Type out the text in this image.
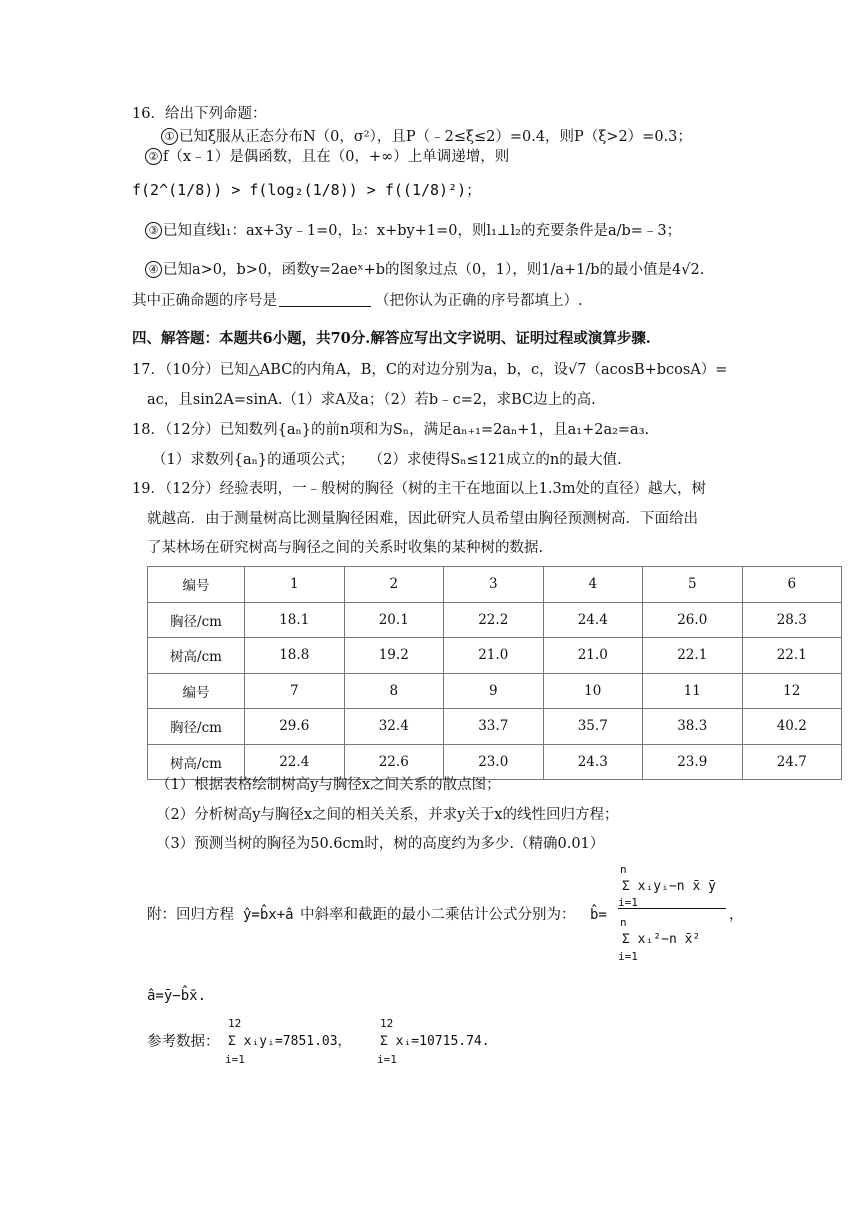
16．给出下列命题：
① 已知ξ服从正态分布N（0，σ²），且P（﹣2≤ξ≤2）=0.4，则P（ξ>2）=0.3；
② f（x﹣1）是偶函数，且在（0，+∞）上单调递增，则
f(2^(1/8)) > f(log₂(1/8)) > f((1/8)²)；
③ 已知直线l₁：ax+3y﹣1=0，l₂：x+by+1=0，则l₁⊥l₂的充要条件是a/b=﹣3；
④ 已知a>0，b>0，函数y=2aeˣ+b的图象过点（0，1），则1/a+1/b的最小值是4√2.
其中正确命题的序号是	（把你认为正确的序号都填上）.
四、解答题：本题共6小题，共70分.解答应写出文字说明、证明过程或演算步骤.
17．（10分）已知△ABC的内角A，B，C的对边分别为a，b，c，设√7（acosB+bcosA）=
ac，且sin2A=sinA.（1）求A及a；（2）若b﹣c=2，求BC边上的高.
18．（12分）已知数列{aₙ}的前n项和为Sₙ，满足aₙ₊₁=2aₙ+1，且a₁+2a₂=a₃.
（1）求数列{aₙ}的通项公式；　　（2）求使得Sₙ≤121成立的n的最大值.
19．（12分）经验表明，一﹣般树的胸径（树的主干在地面以上1.3m处的直径）越大，树
就越高．由于测量树高比测量胸径困难，因此研究人员希望由胸径预测树高．下面给出
了某林场在研究树高与胸径之间的关系时收集的某种树的数据.
编号	1	2	3	4	5	6
胸径/cm	18.1	20.1	22.2	24.4	26.0	28.3
树高/cm	18.8	19.2	21.0	21.0	22.1	22.1
编号	7	8	9	10	11	12
胸径/cm	29.6	32.4	33.7	35.7	38.3	40.2
树高/cm	22.4	22.6	23.0	24.3	23.9	24.7
（1）根据表格绘制树高y与胸径x之间关系的散点图；
（2）分析树高y与胸径x之间的相关关系，并求y关于x的线性回归方程；
（3）预测当树的胸径为50.6cm时，树的高度约为多少.（精确0.01）
附：回归方程 ŷ=b̂x+â 中斜率和截距的最小二乘估计公式分别为： b̂=
n
i=1
Σ xᵢyᵢ−n x̄ ȳ
n
i=1
Σ xᵢ²−n x̄²
，
â=ȳ−b̂x̄.
参考数据：
12
i=1
Σ xᵢyᵢ=7851.03，
12
i=1
Σ xᵢ=10715.74.
